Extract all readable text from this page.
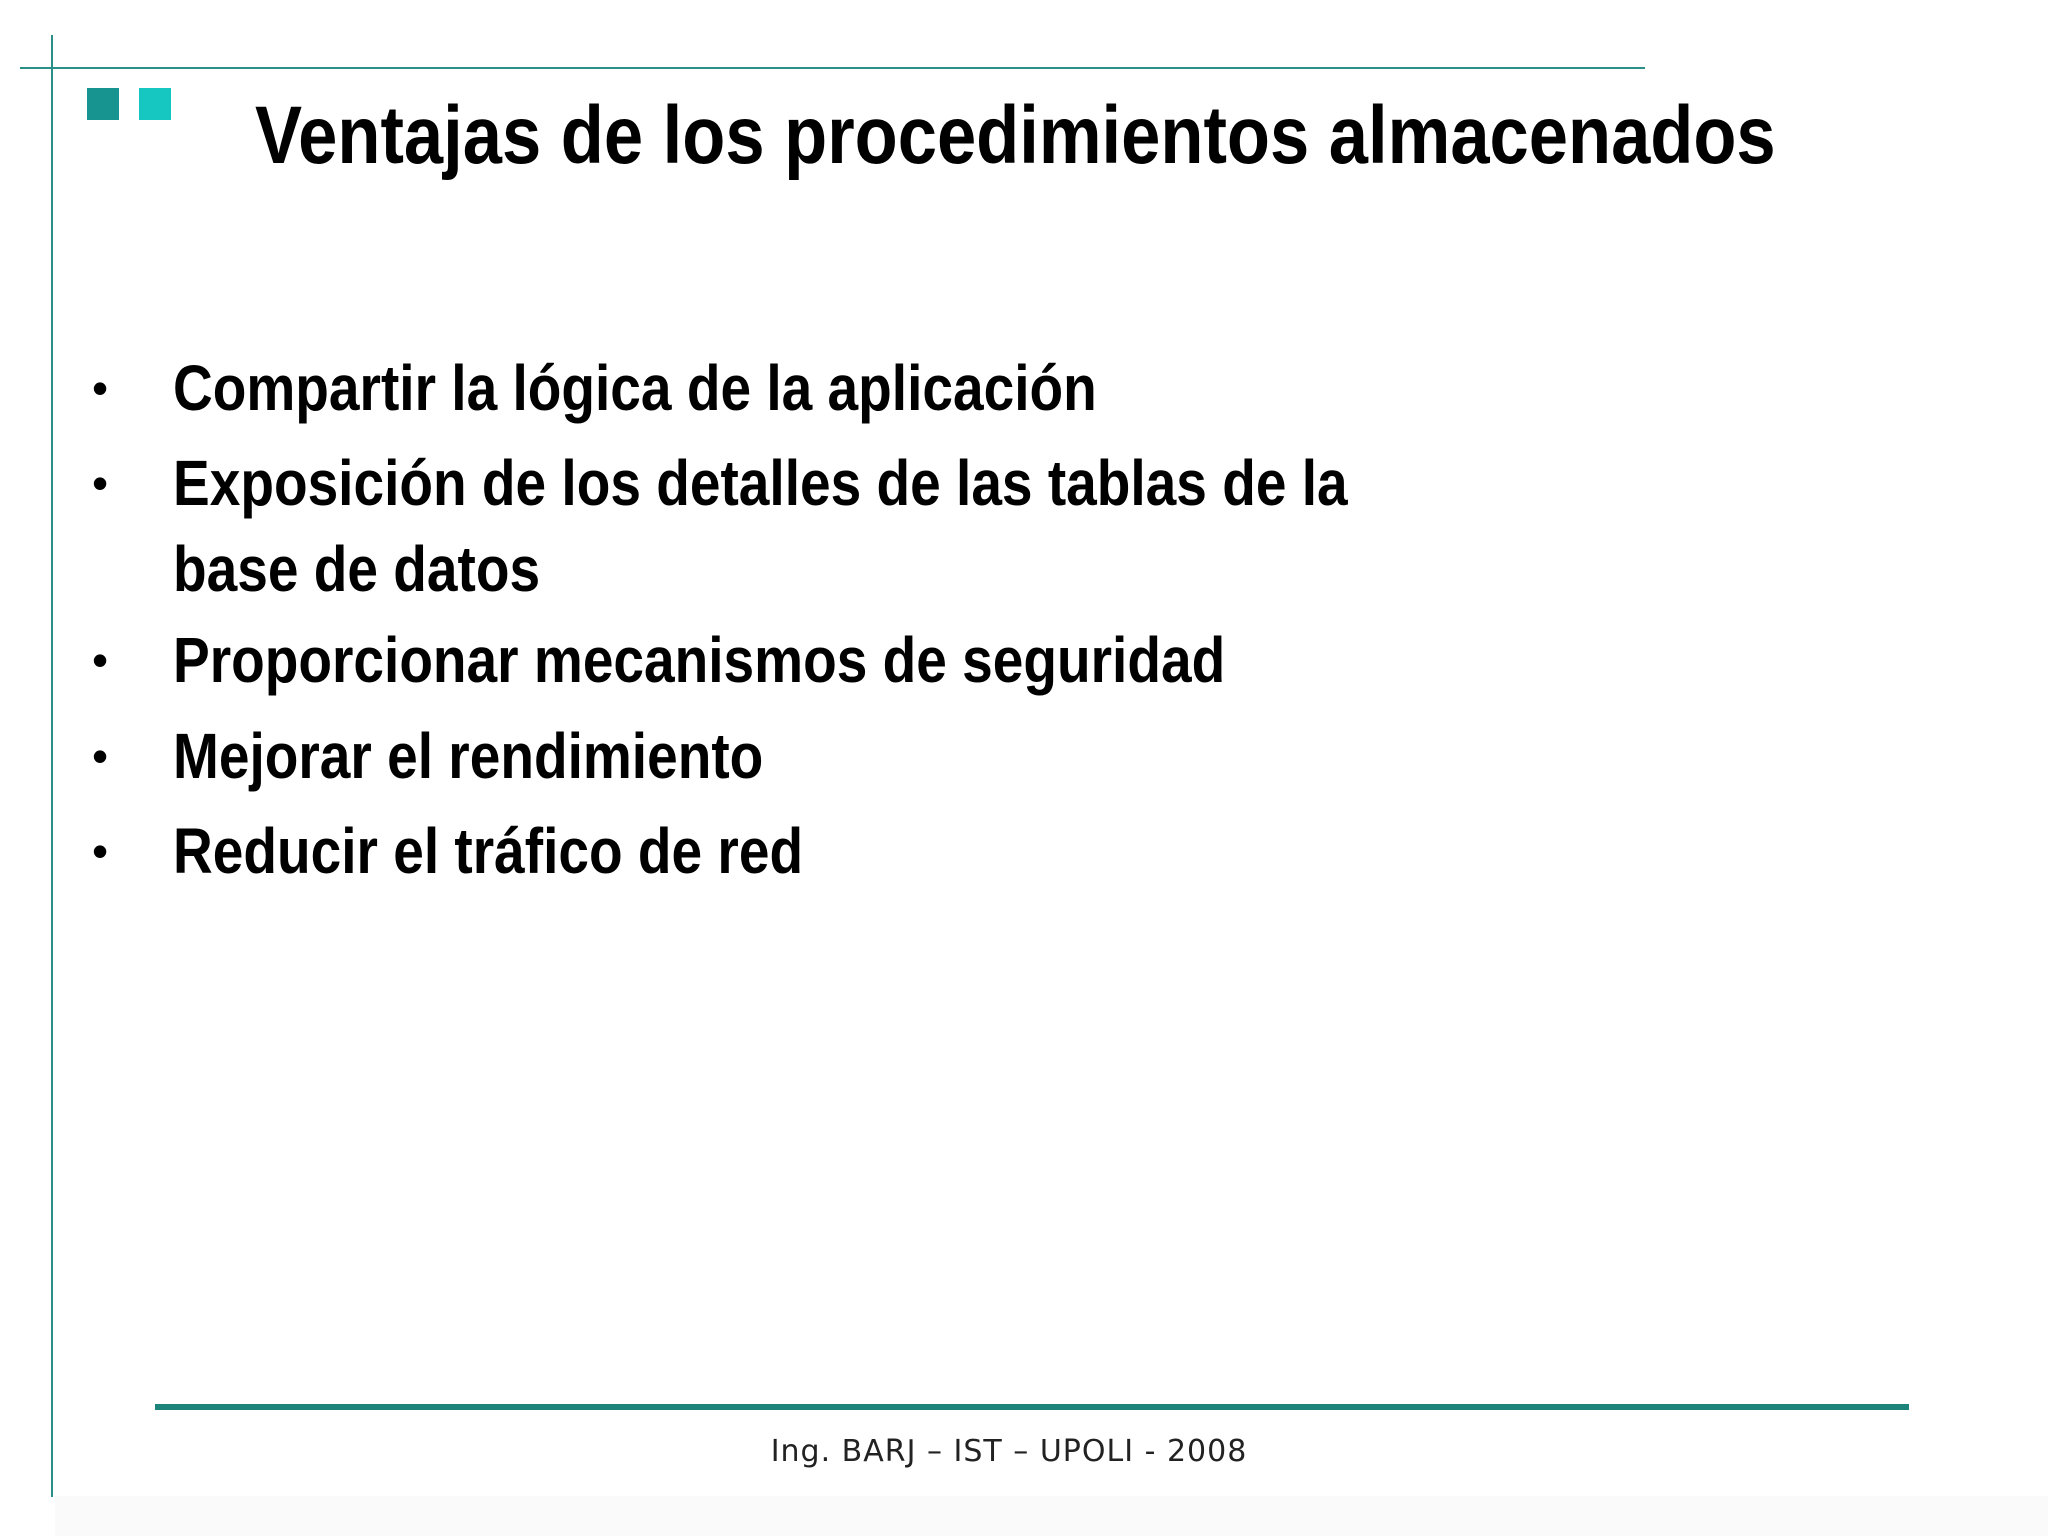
Ventajas de los procedimientos almacenados
• Compartir la lógica de la aplicación
• Exposición de los detalles de las tablas de la
base de datos
• Proporcionar mecanismos de seguridad
• Mejorar el rendimiento
• Reducir el tráfico de red
Ing. BARJ – IST – UPOLI - 2008
